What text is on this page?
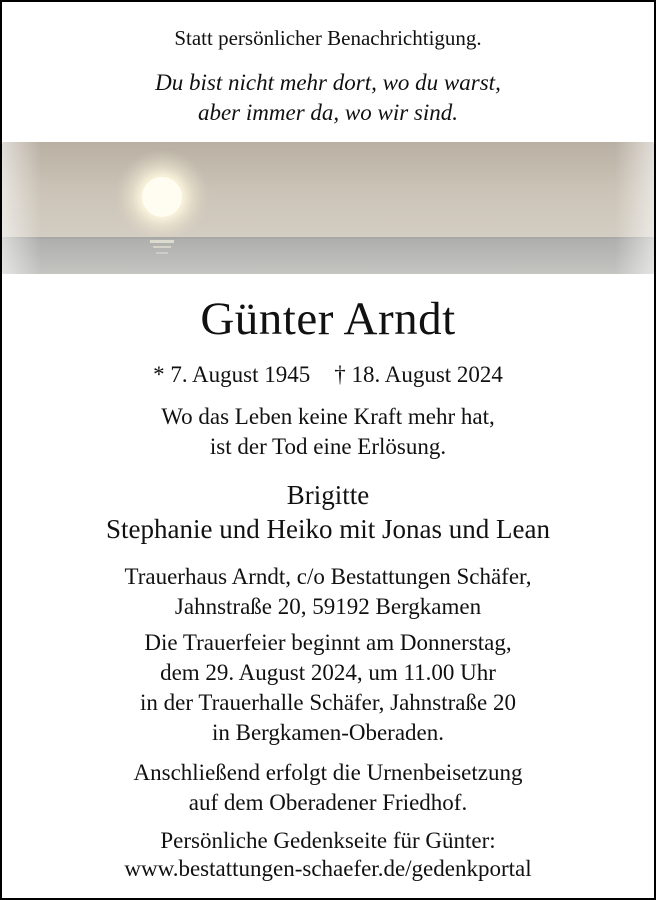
Statt persönlicher Benachrichtigung.
Du bist nicht mehr dort, wo du warst,
aber immer da, wo wir sind.
Günter Arndt
* 7. August 1945 † 18. August 2024
Wo das Leben keine Kraft mehr hat,
ist der Tod eine Erlösung.
Brigitte
Stephanie und Heiko mit Jonas und Lean
Trauerhaus Arndt, c/o Bestattungen Schäfer,
Jahnstraße 20, 59192 Bergkamen
Die Trauerfeier beginnt am Donnerstag,
dem 29. August 2024, um 11.00 Uhr
in der Trauerhalle Schäfer, Jahnstraße 20
in Bergkamen-Oberaden.
Anschließend erfolgt die Urnenbeisetzung
auf dem Oberadener Friedhof.
Persönliche Gedenkseite für Günter:
www.bestattungen-schaefer.de/gedenkportal
